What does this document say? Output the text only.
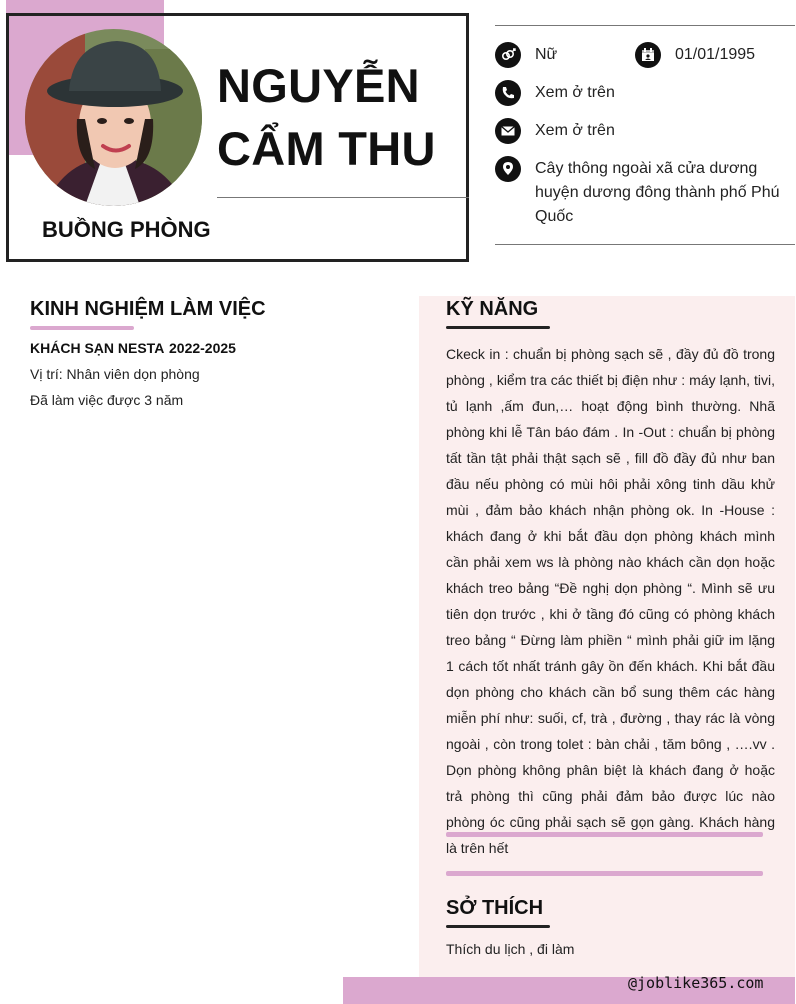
NGUYỄN
CẨM THU
BUỒNG PHÒNG
Nữ	01/01/1995
Xem ở trên
Xem ở trên
Cây thông ngoài xã cửa dương huyện dương đông thành phố Phú Quốc
KINH NGHIỆM LÀM VIỆC
KHÁCH SẠN NESTA 2022-2025
Vị trí: Nhân viên dọn phòng
Đã làm việc được 3 năm
KỸ NĂNG
Ckeck in : chuẩn bị phòng sạch sẽ , đầy đủ đồ trong phòng , kiểm tra các thiết bị điện như : máy lạnh, tivi, tủ lạnh ,ấm đun,… hoạt động bình thường. Nhã phòng khi lễ Tân báo đám . In -Out : chuẩn bị phòng tất tần tật phải thật sạch sẽ , fill đồ đầy đủ như ban đầu nếu phòng có mùi hôi phải xông tinh dầu khử mùi , đảm bảo khách nhận phòng ok. In -House : khách đang ở khi bắt đầu dọn phòng khách mình cần phải xem ws là phòng nào khách cần dọn hoặc khách treo bảng “Đề nghị dọn phòng “. Mình sẽ ưu tiên dọn trước , khi ở tầng đó cũng có phòng khách treo bảng “ Đừng làm phiền “ mình phải giữ im lặng 1 cách tốt nhất tránh gây ồn đến khách. Khi bắt đầu dọn phòng cho khách cần bổ sung thêm các hàng miễn phí như: suối, cf, trà , đường , thay rác là vòng ngoài , còn trong tolet : bàn chải , tăm bông , ….vv . Dọn phòng không phân biệt là khách đang ở hoặc trả phòng thì cũng phải đảm bảo được lúc nào phòng óc cũng phải sạch sẽ gọn gàng. Khách hàng là trên hết
SỞ THÍCH
Thích du lịch , đi làm
@joblike365.com
